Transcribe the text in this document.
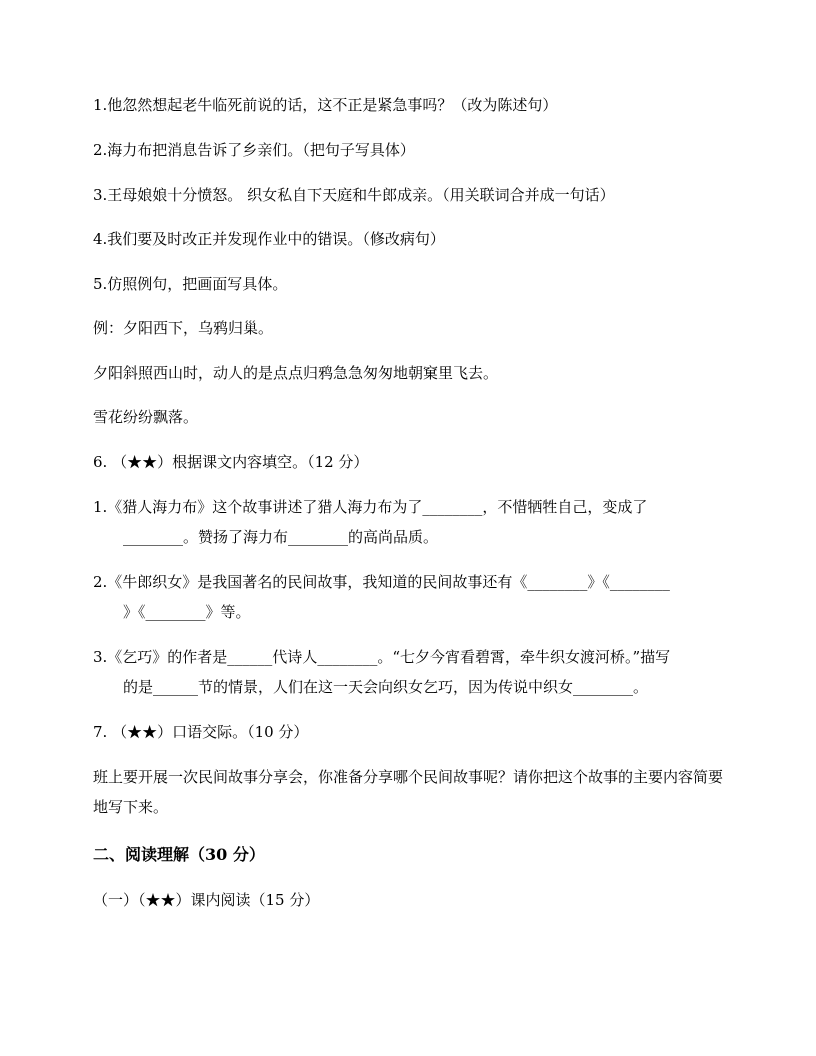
1.他忽然想起老牛临死前说的话，这不正是紧急事吗？（改为陈述句）
2.海力布把消息告诉了乡亲们。（把句子写具体）
3.王母娘娘十分愤怒。 织女私自下天庭和牛郎成亲。（用关联词合并成一句话）
4.我们要及时改正并发现作业中的错误。（修改病句）
5.仿照例句，把画面写具体。
例：夕阳西下，乌鸦归巢。
夕阳斜照西山时，动人的是点点归鸦急急匆匆地朝窠里飞去。
雪花纷纷飘落。
6. （★★）根据课文内容填空。（12 分）
1.《猎人海力布》这个故事讲述了猎人海力布为了________，不惜牺牲自己，变成了
________。赞扬了海力布________的高尚品质。
2.《牛郎织女》是我国著名的民间故事，我知道的民间故事还有《________》《________
》《________》等。
3.《乞巧》的作者是______代诗人________。“七夕今宵看碧霄，牵牛织女渡河桥。”描写
的是______节的情景，人们在这一天会向织女乞巧，因为传说中织女________。
7. （★★）口语交际。（10 分）
班上要开展一次民间故事分享会，你准备分享哪个民间故事呢？请你把这个故事的主要内容简要地写下来。
二、阅读理解（30 分）
（一）（★★）课内阅读（15 分）
